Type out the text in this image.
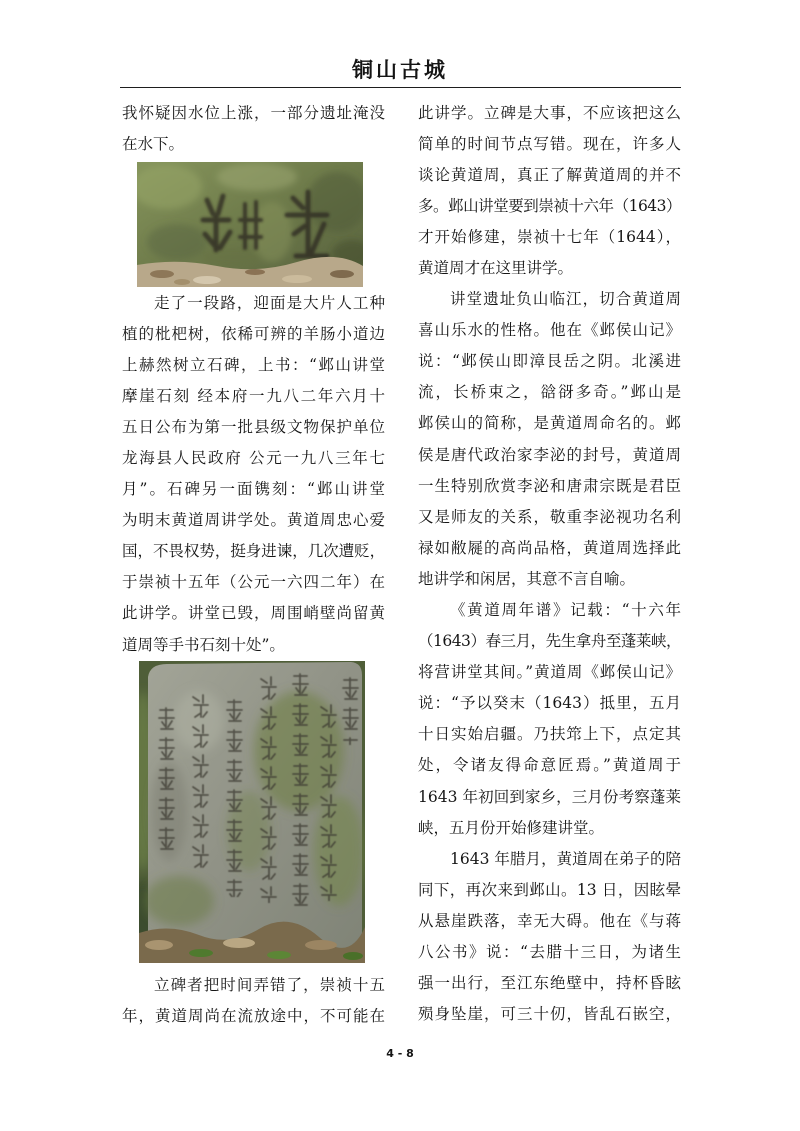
铜山古城
我怀疑因水位上涨，一部分遗址淹没
在水下。
走了一段路，迎面是大片人工种
植的枇杷树，依稀可辨的羊肠小道边
上赫然树立石碑，上书：“邺山讲堂
摩崖石刻 经本府一九八二年六月十
五日公布为第一批县级文物保护单位
龙海县人民政府 公元一九八三年七
月”。石碑另一面镌刻：“邺山讲堂
为明末黄道周讲学处。黄道周忠心爱
国，不畏权势，挺身进谏，几次遭贬，
于崇祯十五年（公元一六四二年）在
此讲学。讲堂已毁，周围峭壁尚留黄
道周等手书石刻十处”。
立碑者把时间弄错了，崇祯十五
年，黄道周尚在流放途中，不可能在
此讲学。立碑是大事，不应该把这么
简单的时间节点写错。现在，许多人
谈论黄道周，真正了解黄道周的并不
多。邺山讲堂要到崇祯十六年（1643）
才开始修建，崇祯十七年（1644），
黄道周才在这里讲学。
讲堂遗址负山临江，切合黄道周
喜山乐水的性格。他在《邺侯山记》
说：“邺侯山即漳艮岳之阴。北溪进
流，长桥束之，谽谺多奇。”邺山是
邺侯山的简称，是黄道周命名的。邺
侯是唐代政治家李泌的封号，黄道周
一生特别欣赏李泌和唐肃宗既是君臣
又是师友的关系，敬重李泌视功名利
禄如敝屣的高尚品格，黄道周选择此
地讲学和闲居，其意不言自喻。
《黄道周年谱》记载：“十六年
（1643）春三月，先生拿舟至蓬莱峡，
将营讲堂其间。”黄道周《邺侯山记》
说：“予以癸末（1643）抵里，五月
十日实始启疆。乃扶筇上下，点定其
处，令诸友得命意匠焉。”黄道周于
1643 年初回到家乡，三月份考察蓬莱
峡，五月份开始修建讲堂。
1643 年腊月，黄道周在弟子的陪
同下，再次来到邺山。13 日，因眩晕
从悬崖跌落，幸无大碍。他在《与蒋
八公书》说：“去腊十三日，为诸生
强一出行，至江东绝壁中，持杯昏眩
殒身坠崖，可三十仞，皆乱石嵌空，
4 - 8
